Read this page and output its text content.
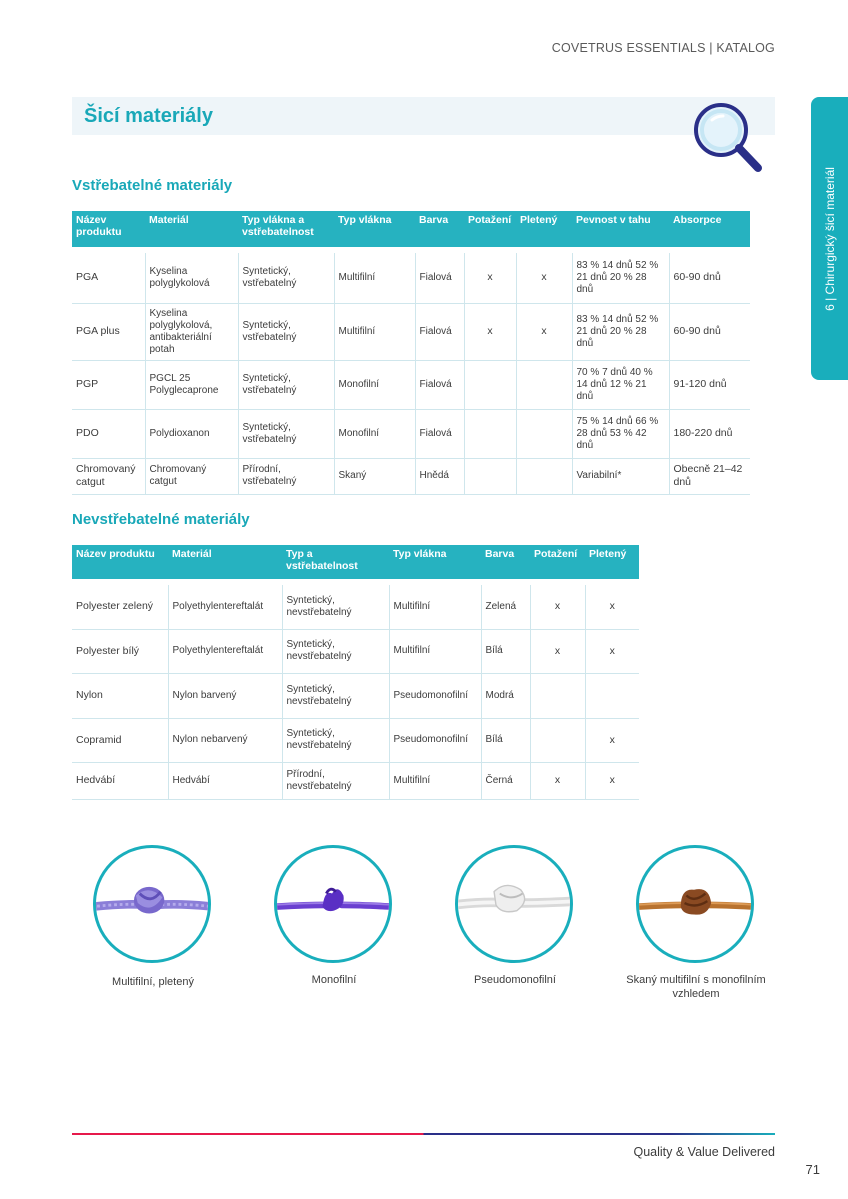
COVETRUS ESSENTIALS | KATALOG
Šicí materiály
6 | Chirurgický šicí materiál
Vstřebatelné materiály
Název produktu	Materiál	Typ vlákna a vstřebatelnost	Typ vlákna	Barva	Potažení	Pletený	Pevnost v tahu	Absorpce

PGA	Kyselina polyglykolová	Syntetický, vstřebatelný	Multifilní	Fialová	x	x	83 % 14 dnů 52 % 21 dnů 20 % 28 dnů	60-90 dnů
PGA plus	Kyselina polyglykolová, antibakteriální potah	Syntetický, vstřebatelný	Multifilní	Fialová	x	x	83 % 14 dnů 52 % 21 dnů 20 % 28 dnů	60-90 dnů
PGP	PGCL 25 Polyglecaprone	Syntetický, vstřebatelný	Monofilní	Fialová			70 % 7 dnů 40 % 14 dnů 12 % 21 dnů	91-120 dnů
PDO	Polydioxanon	Syntetický, vstřebatelný	Monofilní	Fialová			75 % 14 dnů 66 % 28 dnů 53 % 42 dnů	180-220 dnů
Chromovaný catgut	Chromovaný catgut	Přírodní, vstřebatelný	Skaný	Hnědá			Variabilní*	Obecně 21–42 dnů
Nevstřebatelné materiály
Název produktu	Materiál	Typ a vstřebatelnost	Typ vlákna	Barva	Potažení	Pletený

Polyester zelený	Polyethylentereftalát	Syntetický, nevstřebatelný	Multifilní	Zelená	x	x
Polyester bílý	Polyethylentereftalát	Syntetický, nevstřebatelný	Multifilní	Bílá	x	x
Nylon	Nylon barvený	Syntetický, nevstřebatelný	Pseudomonofilní	Modrá		
Copramid	Nylon nebarvený	Syntetický, nevstřebatelný	Pseudomonofilní	Bílá		x
Hedvábí	Hedvábí	Přírodní, nevstřebatelný	Multifilní	Černá	x	x
Multifilní, pletený	Monofilní	Pseudomonofilní	Skaný multifilní s monofilním vzhledem
Quality & Value Delivered
71
